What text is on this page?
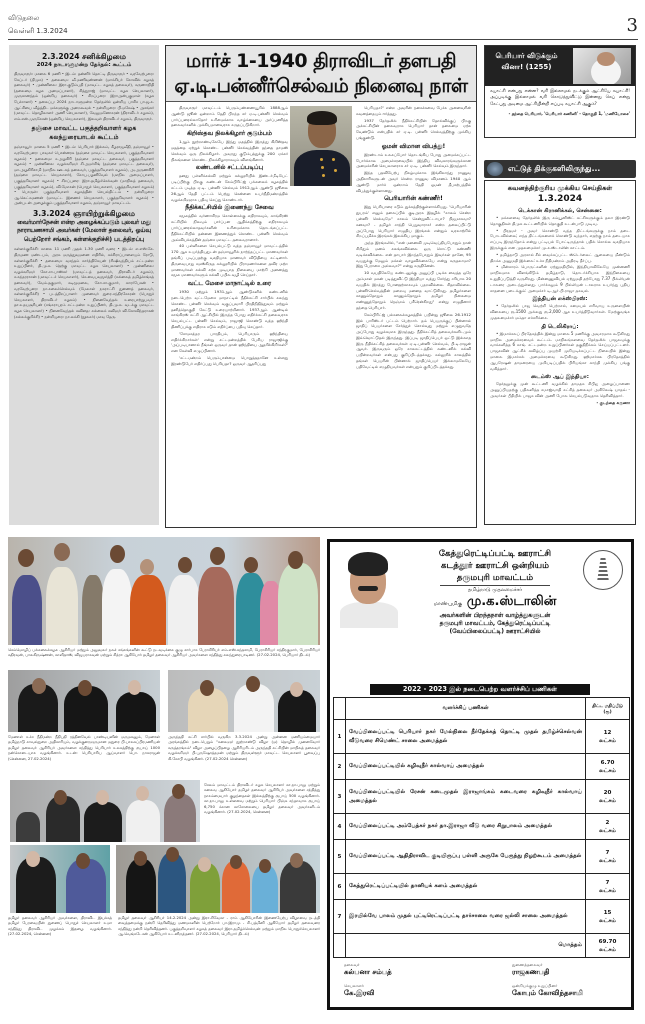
விடுதலை
வெள்ளி 1.3.2024	3
2.3.2024 சனிக்கிழமை
2024 நாடாளுமன்ற தேர்தல்: கூட்டம்
திருவாரூர்: மாலை 6 மணி • இடம்: தன்னிர் தொட்டி திருவாரூர் • வரவேற்புரை: கேப்டர் (திமுக) • தலைமை: வீ.மணிவண்ணன் (மாக்சியர் கோவில் கழகத் தலைவர்) • முன்னிலை: இரா.குடும்பதி (மாவட்ட கழகத் தலைவர்), கருணாநிதி (தலைமை கழக அமைப்பாளர்), சித்துராஜ் (மாவட்ட கழக செயலாளர்), முருகானந்தம் (ஒன்றிய தலைவர்) • சிறப்புரை: இராஅன்புகுமாள் (கழக பேச்சாளர்) • தலைப்பு: 2024 நாடாளுமன்ற தேர்தலில் ஒன்றிய பாசிச பா.ஜ.க. ஆட்சியை வீழ்த்திட மக்களுக்கு அறைகூவல் • நன்றியுரை: பி.மகேஷ் • அசங்கர் (மாவட்ட தொழிலாளர் அணி செயலாளர்), வேலுமனோகரன் (திராவிடர் கழகம்), எம்.என்.முருகேசன் (ஒன்றிய செயலாளர்), இலவுள் திராவிடர் கழகம், திருவாரூர்.
தஞ்சை மாவட்ட பகுத்தறிவாளர் கழக கலந்துரையாடல் கூட்டம்
தஞ்சாவூர்: மாலை 5 மணி • இடம்: பெரியார் இல்லம், கீழராஜவீதி, தஞ்சாவூர் • வரவேற்புரை: பாவலர் பொன்னரசு (தஞ்சை மாவட்ட செயலாளர், பகுத்தறிவாளர் கழகம்) • தலைமை: ச.அழகிரி (தஞ்சை மாவட்ட தலைவர், பகுத்தறிவாளர் கழகம்) • முன்னிலை: வழக்கறிஞர் சி.அமர்சிங் (தஞ்சை மாவட்ட தலைவர்), மா.அழகிரிசாமி (மாநில ஊடகத் தலைவர், பகுத்தறிவாளர் கழகம்), அ.அருணகிரி (தஞ்சை மாவட்ட செயலாளர்), கோபு.பழனிவேல் (மாநில அமைப்பாளர், பகுத்தறிவாளர் கழகம்) • சிறப்புரை: இரா.தமிழ்ச்செல்வன் (மாநிலத் தலைவர், பகுத்தறிவாளர் கழகம்), வி.மோகன் (பொதுச் செயலாளர், பகுத்தறிவாளர் கழகம்) • பொருள்: பகுத்தறிவாளர் கழகத்தின் செயல்திட்டம் • நன்றியுரை: ஆ.லெட்சுமணன் (மாவட்ட இணைச் செயலாளர், பகுத்தறிவாளர் கழகம்) • அன்புடன் அழைக்கும் பகுத்தறிவாளர் கழகம், தஞ்சாவூர் மாவட்டம்.
3.3.2024 ஞாயிற்றுக்கிழமை
வைர்மார்நேசன் என்ற அழைக்கப்படும் புலவர் மது நாராயணசாமி அவர்கள் (மேலாள் தலைவர், ஓய்வு பெற்றோர் சங்கம், கள்ளக்குறிச்சி) படத்திறப்பு
கள்ளக்குறிச்சி: காலை 11 மணி முதல் 1.30 மணி வரை • இடம்: எ.எஸ்.கே. திருமண மண்டபம், அரசு மருத்துவமனை எதிரில், கச்சிராப்பாளையம் ரோடு, கள்ளக்குறிச்சி • தலைமை: வசந்தம் கார்த்திகேயன் (ரிஷிவந்தியம் சட்டமன்ற உறுப்பினர், தி.மு.க. தெற்கு மாவட்ட கழக செயலாளர்) • முன்னிலை: வழக்கறிஞர் கோ.சா.பாஸ்கர் (மாவட்டத் தலைவர், திராவிடர் கழகம்), ச.சுந்தரராசன் (மாவட்டச் செயலாளர்), செ.வைபவமூர்த்தி (கல்லைத் தமிழ்ச்சங்கத் தலைவர்), வேம்.தகுமார், கடிமூமலை, கோ.சா.குமார், காரர்பேகன் • வரவேற்புரை: நா.கலைச்செல்வம் (மேலாள் நகராட்சி துணைத் தலைவர், கள்ளக்குறிச்சி) • படத்திறப்பாளர்: முனைவர் துரை.சந்திரசேகரன் (பொதுச் செயலாளர், திராவிடர் கழகம்) • நினைவேந்தல் உரையாற்றுபவர்: தா.உதயசூரியன் (சங்கராபுரம் சட்டமன்ற உறுப்பினர், தி.மு.க. வடக்கு மாவட்ட கழக செயலாளர்) • நினைவேந்தல் கவிதை: கல்லைக் கவிஞர் வி.கோவிந்தராசன் (கல்லக்குறிச்சி) • நன்றியுரை: நா.லக்கி (நூலகர்) மாவ தேரு.
மார்ச் 1-1940 திராவிடர் தளபதி
ஏ.டி.பன்னீர்செல்வம் நினைவு நாள்

திருவாரூர் மாவட்டம் பெரும்பண்ணையூரில் 1888ஆம் ஆண்டு ஜூன் ஒன்றாம் தேதி பிறந்த சர் ஏ.டி.பன்னீர் செல்வம் பார்ப்பனரல்லாதோர் உரிமைக்காக வாழ்க்கையை அர்ப்பணித்த தலைவர்களில் முக்கியமானவராக கருதப்படுகிறார்.

கிறிஸ்தவ நிலக்கிழார் குடும்பம்

1ஆம் நூற்றாண்டிலேயே இந்து மதத்தில் இருந்து கிறிஸ்தவ மதத்தை ஏற்றுக் கொண்ட பன்னீர் செல்வத்தின் தந்தை தாமஸ் செல்வம் ஒரு நிலக்கிழார். அவரது குடும்பத்துக்கு 200 ஏக்கர் நிலங்களை கொண்ட நிலக்கிழாராகவும் விளங்கினார்.

லண்டனில் சட்டப்படிப்பு

தனது பள்ளிக்கல்வி மற்றும் கல்லூரியில் இண்டர்மீடியேட் படிப்பிற்கு பிறகு லண்டன் கேம்பிரிட்ஜ் பல்கலைக் கழகத்தில் சட்டம் படித்த ஏ.டி. பன்னீர் செல்வம் 1912ஆம் ஆண்டு ஜூலை 26ஆம் தேதி பட்டம் பெற்று சென்னை உயர்நீதிமன்றத்தில் வழக்கறிஞராக பதிவு செய்து கொண்டார்.

நீதிக்கட்சியில் இணைந்து சேவை

சமூகத்தில் வர்ணாசிரம கொள்கைக்கு எதிராகவும், காங்கிரஸ் கட்சியில் நிலவும் பார்ப்பன ஆதிக்கத்திற்கு எதிராகவும் பார்ப்பனரல்லாதவர்களின் உரிமைக்காக தொடங்கப்பட்ட நீதிக்கட்சியில் தன்னை இணைத்துக் கொண்ட பன்னீர் செல்வம் அவ்வியக்கத்தின் தஞ்சை மாவட்ட தலைவரானார்.

40 பள்ளிகளை செயல்பட்டு வந்த தஞ்சாவூர் மாவட்டத்தில் 170 ஆக உயர்த்தியதுடன் தஞ்சாவூரில் நாற்ந்தப்பட்ட மாணவர்கள் தங்கிப் படிப்பதற்கு வசதியாக மாணவர் விடுதியை கட்டினார். திருவையாறு சமஸ்கிருத கல்லூரியில் பிராமணர்களை தவிர மற்ற மாணவர்கள் கல்வி கற்க முடியாத நிலையை மாற்றி அனைத்து சமூக மாணவர்களும் கல்வி பயில வழி செய்தார்.

வட்ட மேசை மாநாட்டில் உரை

1930 மற்றும் 1931ஆம் ஆண்டுகளில் லண்டனில் நடைபெற்ற வட்டமேசை மாநாட்டில் நீதிக்கட்சி சார்பில் கலந்து கொண்ட பன்னீர் செல்வம் வகுப்புவாரி பிரதிநிதித்துவம் மற்றும் தனித்தொகுதி கேட்டு உரையாற்றினார். 1937ஆம் ஆண்டில் காங்கிரஸ் கட்சி ஆட்சியில் இருந்த போது எதிர்க்கட்சி தலைவராக செயல்பட்ட பன்னீர் செல்வம், ராஜாஜி கொண்டு வந்த ஹிந்தி திணிப்புக்கு எதிராக கடும் எதிர்ப்பை பதிவு செய்தார்.

'சோமசுந்தர பாரதியும், பெரியாரும் ஹிந்தியை எதிர்க்கிறார்கள்' என்று சட்டமன்றத்தில் பேசிய ராஜாஜிக்கு 'அப்படியானால் நீங்கள் ஒருவர் தான் ஹிந்தியை ஆதரிக்கிறீர்கள்?' என கேள்வி எழுப்பினார்.

'சட்டமன்றம் பெரும்பான்மை பொறுத்ததானே உள்ளது இரண்டுபேர் எதிர்ப்பது பெரியதா? ஒருவர் ஆதரிப்பது

பெரியதா?' என்ற அவரின் நகைச்சுவை பேச்சு அனைவரின் கவனத்தையும் ஈர்த்தது.

1937 தேர்தலில் நீதிக்கட்சியின் தோல்விக்குப் பிறகு அக்கட்சியின் தலைவராக பெரியார் தான் தலைமை ஏற்க வேண்டும் என்பதில் சர் ஏ.டி. பன்னீர் செல்வத்திற்கு முக்கிய பங்குண்டு.

ஓமன் விமான விபத்து!

இரண்டாம் உலகப்போர் தொடங்கிய போது அமைக்கப்பட்ட போர்க்கால அமைச்சரவையில் இந்திய விவகாரங்களுக்கான அமைச்சரின் செயலாளராக சர் ஏ.டி. பன்னீர் செல்வம் இருந்தார்.

இந்த பதவியேற்பு நிகழ்வுக்காக இங்கிலாந்து ராணுவ அதிகாரிகளுடன் அவர் சென்ற ராணுவ விமானம் 1940 ஆம் ஆண்டு மார்ச் ஒன்றாம் தேதி ஓமன் தீபகற்பத்தில் விபத்துக்குள்ளானது.

பெரியாரின் கண்ணீர்!

இது பெரியாரை கடும் துக்கத்திற்குள்ளாக்கியது. 'பெரியாரின் துயரம்' எனும் தலைப்பில் குடிஅரசு இதழில் "காலம் சென்ற பன்னீர் செல்வமே" காலம் சென்றுவிட்டாயா? நிஜமாகவா? கனவா? - தமிழர் சாந்தி பெறுவாராக! என்ற தலைப்பிட்டு அப்போது பெரியார் எழுதிய இரங்கல் என்றும் வரலாற்றில் சிறப்புமிக்க இரங்கல் இலக்கிய மாகும்.

அந்த இரங்கலில், "என் மனைவி முடிவெய்தியபோதும் நான் சிறிதும் மனம் கலங்கவில்லை ஒரு சொட்டு கண்ணீர் வடிக்கவில்லை. என் தாயார் இறந்தபோதும் இவர்கள் தானே, 95 வயதுக்கு மேலும் மக்கள் வாழவில்லையே என்று கருதலாமா? இது பேராசை அல்லவா?" என்று கருதினேன்.

10 வயதிலேயே லண்டனுக்கு அனுப்பி படிக்க வைத்த ஒரே அம்மாள் மகன் படித்துவிட்டு இந்தியா வந்து சேர்ந்து சரியாக 20 வயதில் இறந்து போனதற்காகவும் பதறவில்லை. சிதறவில்லை. பன்னீர்செல்வத்தின் மறைவு மனதை வாட்டுகிறது. தமிழர்களை காணும்தோறும் காணும்தோறும் தமிழர் நிலைமை எண்ணுந்தோறும் நெஞ்சம் பகீரென்கிறது" என்று எழுதினார் தந்தை பெரியார்.

கேம்பிரிட்ஜ் பல்கலைக்கழகத்தில் பயின்று ஜூலை 26.1912 இல் பாரிஸ்டர் பட்டம் பெற்றார். தம் பெயருக்குப் பின்னால் ஜாதிப் பெயர்களை சேர்த்துச் சொல்வது மற்றும் எழுதுவதே அப்போது வழக்கமாக இருந்தது. நீதிக்கட்சித் தலைவர்களிடமும் இவ்வொட்டுதல் இருந்தது. இப்படி ஜாதிப்பெயர் ஒட்டு இல்லாத இரு நீதிக்கட்சித் தலைவர்கள் ஏ.டி.பன்னீர் செல்வம், பி.டி.ராஜன் ஆவர். இருவரும் ஒரே காலகட்டத்தில் லண்டனில் கல்வி பயின்றவர்கள் என்பது குறிப்பிடத்தக்கது. கல்லூரிக் காலத்தில் தங்கள் பெயரின் பின்னால் ஜாதிப்பெயர் இல்லாமலேயே பதிவேட்டில் எழுதியவர்கள் என்பதும் குறிப்பிடத்தக்கது.

பெரியார் விடுக்கும்
வினா! (1255)
சுயாட்சி என்பது என்ன? வரி இல்லாமல் நடக்கும் ஆட்சியே சுயாட்சி! அப்படிக்கு இல்லாமல் வரி கொடுத்துவிட்டு இன்னது செய் என்று கேட்பது அடிமை ஆட்சியின்றி எப்படி சுயாட்சி ஆகும்?
- தந்தை பெரியார், 'பெரியார் கணினி' - தொகுதி 1, 'மணியோசை'
எட்டுத் திக்குகளிலிருந்து...
கவனத்திற்குரிய முக்கிய செய்திகள்
1.3.2024
டெக்கான் கிரானிக்கல், சென்னை:
• மக்களவை தேர்தலில் இரு கம்யூனிஸ்ட் கட்சிகளுக்கும் தலா இரண்டு தொகுதிகள் திமுக கூட்டணியில் தொகுதி உடன்பாடு முடிவு.
• பிரதமர் - அவர் கொண்டு வந்த திட்டங்களுக்கு நாம் தடை போடவில்லை; எந்த திட்டங்களைக் கொண்டு வந்தார், எதற்கு நாம் தடையாக எப்படி இருந்தோம் என்று பட்டியல் போட்டிருந்தால் பதில் சொல்ல வசதியாக இருக்கும் என முதலமைச்சர் மு.க.ஸ்டாலின் காட்டம்.
• தமிழ்நாடு அரசால் சீல் வைக்கப்பட்ட ஸ்டெர்லைட் ஆலையை மீண்டும் திறக்க அனுமதி இல்லை: உச்ச நீதிமன்றம் அதிரடி தீர்ப்பு.
• மின்சாரம் பொருட்களின் ஏற்றுமதியில், இந்தியாவிலேயே முன்னணி மாநிலமாக விளங்கிடும் தமிழ்நாடு, தொடர்ச்சியாக இந்நிலையை உறுதிப்படுத்தி வருகிறது. மின்னணுவியல் ஏற்றுமதி தற்போது 7.37 பில்லியன் டாலரை அடைந்துள்ளது. பார்க்கலும் 9 பில்லியன் டாலராக உயர்ந்து புதிய சாதனை படைக்கும்: அமைச்சர் டி.ஆர்.பி.ராஜா தகவல்.
இந்தியன் எக்ஸ்பிரஸ்:
• தேர்தலில் பாஜ வெற்றி பெற்றால், சமையல் எரிவாயு உருளையின் விலையை ரூ.1500 அல்லது ரூ.2,000 ஆக உயர்த்திடுவார்கள். மேற்குவங்க முதலமைச்சர் மம்தா எச்சரிக்கை.
தி டெலிகிராப்:
• இமாச்சலப் பிரதேசத்தில் இன்று மாலை 5 மணிக்கு அவசரமாக கூடுகிறது மாநில அமைச்சரவைக் கூட்டம். மாநிலங்களவை தேர்தலில் பாஜகவுக்கு வாக்களித்த 6 காங். சட்டமன்ற உறுப்பினர்கள் தகுதிநீக்கம் செய்யப்பட்டனர். பாஜகவின் ஆட்சிக் கவிழ்ப்பு முயற்சி முறியடிக்கப்பட்ட நிலையில் இன்று மாலை இமாச்சல் அமைச்சரவை கூடுகிறது. ஹிமாச்சல பிரதேசத்தில் ஆபரேஷன் தாமரையை முறியடிப்பதில் பிரியங்கா காந்தி முக்கிய பங்கு வகித்தார்.
டைம்ஸ் ஆப் இந்தியா:
தேர்தலுக்கு முன் கூட்டணி வழக்கில் தாமதக சிபிஐ அழைப்பாணை அனுப்பியதற்கு பதிலளித்த சமாஜ்வாதி கட்சித் தலைவர் அகிலேஷ் யாதவ் - அவர்கள் பீதியில் பாஜக வின் அணி போல செயல்படுவதாக தெரிவித்தார்.
- குடந்தை கருணா
செம்மொழிப் பல்கலைக்கழக ஆசிரியர் மற்றும் அலுவலர் நலச் சங்கங்களின் கூட்டு நடவடிக்கை குழு சார்பாக பேராசிரியர் எம்.எஸ்.கந்தசாமி, பேராசிரியர் சந்திரகுமார், பேராசிரியர் கதிரவன், பாலகிருஷ்ணன், காளிதாஸ், விஜயராகவன் மற்றும் சித்ரா ஆகியோர் தமிழர் தலைவர் ஆசிரியர் அவர்களை சந்தித்து கலந்துரையாடினர். (27.02.2024, பெரியார் திடல்)
மேனாள் உச்ச நீதிமன்ற நீதிபதி ரத்தினவேல் பாண்டியனின் மருமகனும், மேனாள் தமிழ்நாடு காவல்துறை அதிகாரியும், வழக்குரைஞருமான மதுரை பி.பாலசுப்பிரமணியன் தமிழர் தலைவர் ஆசிரியர் அவர்களை சந்தித்து பெரியார் உலகத்திற்கு ரூபாய் 1000 நன்கொடையாக வழங்கினார். உடன்: பெரியாரிய ஆய்வாளர் பொ. நாகராஜன் (சென்னை, 27.02.2024)
அருந்ததி கட்சி சார்பில் வருகிற 3.3.2024 அன்று அன்னை மணியம்மையார் அரங்கத்தில் நடைபெறும் "கலைஞர் நூற்றாண்டு விழா (ம) தொழில் முனைவோர் கருத்தரங்கம்" விழா அழைப்பிதழை ஆசிரியரிடம் அருந்ததி கட்சியின் மாநிலத் தலைவர் வழக்கறிஞர் பி.புருஷோத்தமன் மற்றும் திருவள்ளூர் மாவட்ட செயலாளர் பூவைப்பு கி.கோபி வழங்கினர். (27.02.2024 சென்னை)
சேலம் மாவட்டம் திராவிடர் கழக செயலாளர் கா.நா.பாலு மற்றும் கலைவ ஆகியோர் தமிழர் தலைவர் ஆசிரியர் அவர்களை சந்தித்து நாகம்மையார் குழந்தைகள் இல்லத்திற்கு ரூபாய் 500 வழங்கினார். கா.நா.பாலு உள்ளவை மற்றும் பெரியார் பிஞ்சு சந்தாவாக ரூபாய் 6,750 க்கான காசோலையை தமிழர் தலைவர் அவர்களிடம் வழங்கினார். (27.02.2024, சென்னை)
தமிழர் தலைவர் ஆசிரியர் அவர்களை, திராவிட இயக்கத் தமிழர் பேரவையின் துணைப் பொதுச் செயலாளர் உமா சந்தித்து திராவிட முழக்கம் இதழை வழங்கினார். (27.02.2024, சென்னை)
தமிழர் தலைவர் ஆசிரியர் 14.2.2024 அன்று இரா.சிவேகா - ராம் ஆகியோரின் இணையேற்பு விழாவை நடத்தி வைத்தமைக்கு நன்றி தெரிவித்து மணமகளின் பெற்றோர் பா.இராமு - சி.பத்மினி ஆகியோர் தமிழர் தலைவரை சந்தித்து நன்றி தெரிவித்தனர். பகுத்தறிவாளர் கழகத் தலைவர் இரா.தமிழ்ச்செல்வன் மற்றும் மாநில பொதுச்செயலாளர் ஆ.வெங்கடேசன் ஆகியோர் உடனிருந்தனர். (27.02.2024, பெரியார் திடல்)
கேத்துரெட்டிப்பட்டி ஊராட்சி
கடத்தூர் ஊராட்சி ஒன்றியம்
தருமபுரி மாவட்டம்
தமிழ்நாடு முதலமைச்சர்
மாண்புமிகு மு.க.ஸ்டாலின்
அவர்களின் பிறந்தநாள் வாழ்த்துகளுடன்
தருமபுரி மாவட்டம், கேத்துரெட்டிப்பட்டி
(வேப்பிலைப்பட்டி) ஊராட்சியில்
2022 - 2023 இல் நடைபெற்ற வளர்ச்சிப் பணிகள்
	வளர்ச்சிப் பணிகள்	திட்ட மதிப்பீடு (ரூ)
1	வேப்பிலைப்பட்டி பெரியார் நகர் மேல்நிலை நீர்தேக்கத் தொட்டி முதல் தமிழ்ச்செல்வன் வீடுவரை சிமெண்ட் சாலை அமைத்தல்	12
லட்சம்

2	வேப்பிலைப்பட்டியில் கழிவுநீர் கால்வாய் அமைத்தல்	6.70
லட்சம்

3	வேப்பிலைப்பட்டியில் ரேசன் கடைமுதல் இராஜாங்கம் கடைவரை கழிவுநீர் கால்வாய் அமைத்தல்	20
லட்சம்

4	வேப்பிலைப்பட்டி அம்பேத்கர் நகர் தா.இராஜா வீடு வரை சிறுபாலம் அமைத்தல்	2
லட்சம்

5	வேப்பிலைப்பட்டி ஆதிதிராவிட குடியிருப்பு பள்ளி அருகே பேருந்து நிழற்கூடம் அமைத்தல்	7
லட்சம்

6	கேத்துரெட்டிப்பட்டியில் தானியக் களம் அமைத்தல்	7
லட்சம்

7	இரயில்வே பாலம் முதல் புட்டிரெட்டிப்பட்டி தார்சாலை வரை ஜல்லி சாலை அமைத்தல்	15
லட்சம்

	மொத்தம்	69.70
லட்சம்
தலைவர்
கல்பனா சம்பத்
துணைத்தலைவர்
ராஜகணபதி
செயலாளர்
கே.இரவி
ஒன்றியக்குழு உறுப்பினர்
கோபும் கோவிந்தசாமி
